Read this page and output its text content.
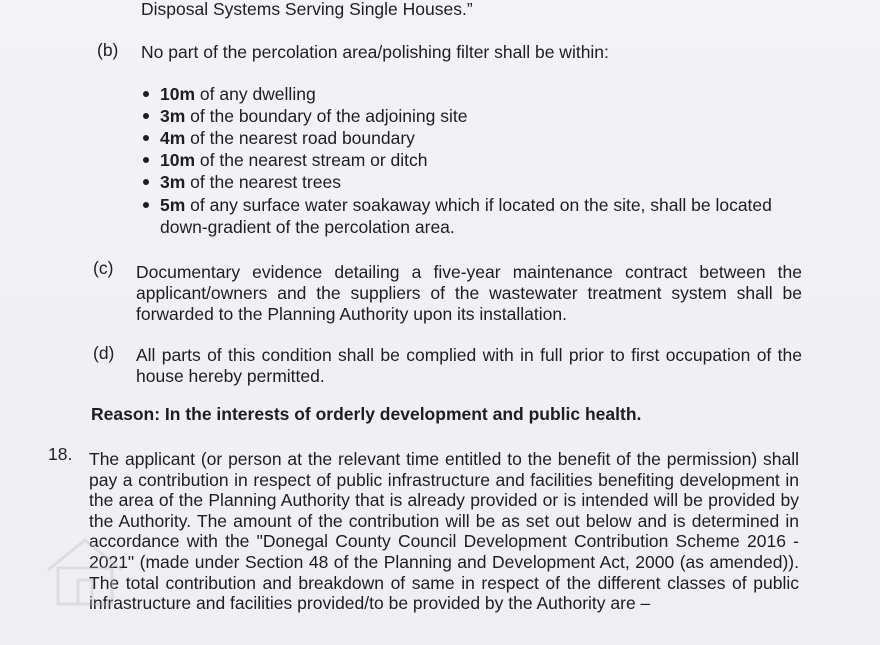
Disposal Systems Serving Single Houses.”
(b) No part of the percolation area/polishing filter shall be within:
10m of any dwelling
3m of the boundary of the adjoining site
4m of the nearest road boundary
10m of the nearest stream or ditch
3m of the nearest trees
5m of any surface water soakaway which if located on the site, shall be located
down-gradient of the percolation area.
(c) Documentary evidence detailing a five-year maintenance contract between the applicant/owners and the suppliers of the wastewater treatment system shall be forwarded to the Planning Authority upon its installation.
(d) All parts of this condition shall be complied with in full prior to first occupation of the house hereby permitted.
Reason: In the interests of orderly development and public health.
18. The applicant (or person at the relevant time entitled to the benefit of the permission) shall pay a contribution in respect of public infrastructure and facilities benefiting development in the area of the Planning Authority that is already provided or is intended will be provided by the Authority. The amount of the contribution will be as set out below and is determined in accordance with the "Donegal County Council Development Contribution Scheme 2016 - 2021" (made under Section 48 of the Planning and Development Act, 2000 (as amended)). The total contribution and breakdown of same in respect of the different classes of public infrastructure and facilities provided/to be provided by the Authority are –
